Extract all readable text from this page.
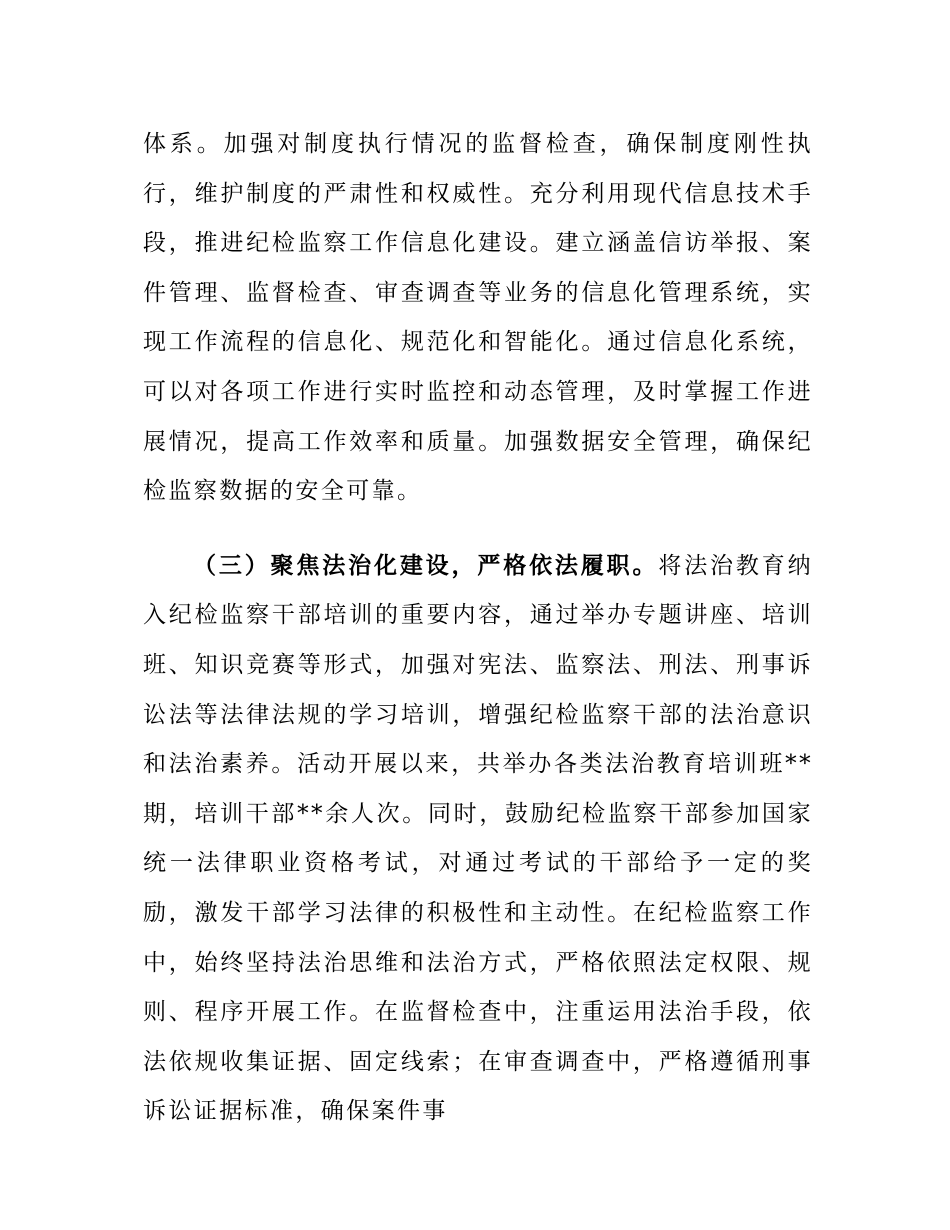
体系。加强对制度执行情况的监督检查，确保制度刚性执行，维护制度的严肃性和权威性。充分利用现代信息技术手段，推进纪检监察工作信息化建设。建立涵盖信访举报、案件管理、监督检查、审查调查等业务的信息化管理系统，实现工作流程的信息化、规范化和智能化。通过信息化系统，可以对各项工作进行实时监控和动态管理，及时掌握工作进展情况，提高工作效率和质量。加强数据安全管理，确保纪检监察数据的安全可靠。

（三）聚焦法治化建设，严格依法履职。将法治教育纳入纪检监察干部培训的重要内容，通过举办专题讲座、培训班、知识竞赛等形式，加强对宪法、监察法、刑法、刑事诉讼法等法律法规的学习培训，增强纪检监察干部的法治意识和法治素养。活动开展以来，共举办各类法治教育培训班**期，培训干部**余人次。同时，鼓励纪检监察干部参加国家统一法律职业资格考试，对通过考试的干部给予一定的奖励，激发干部学习法律的积极性和主动性。在纪检监察工作中，始终坚持法治思维和法治方式，严格依照法定权限、规则、程序开展工作。在监督检查中，注重运用法治手段，依法依规收集证据、固定线索；在审查调查中，严格遵循刑事诉讼证据标准，确保案件事
